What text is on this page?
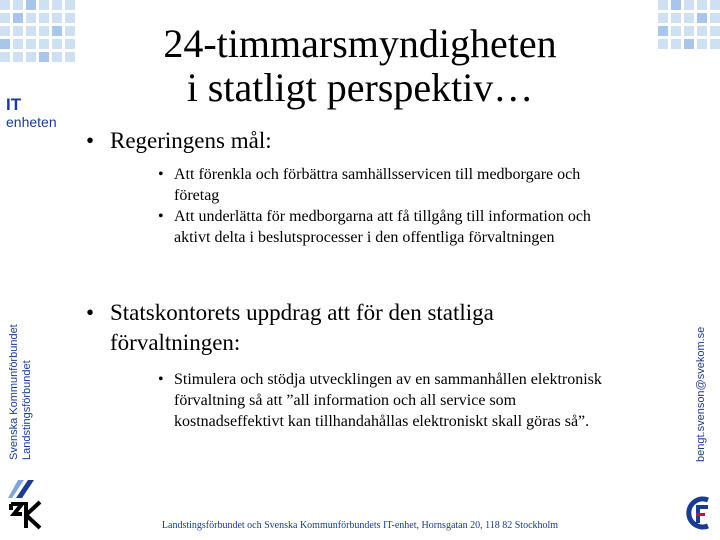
IT
enheten
Svenska Kommunförbundet Landstingsförbundet	bengt.svenson@svekom.se
24-timmarsmyndigheten
i statligt perspektiv…
• Regeringens mål:
• Att förenkla och förbättra samhällsservicen till medborgare och företag
• Att underlätta för medborgarna att få tillgång till information och aktivt delta i beslutsprocesser i den offentliga förvaltningen
• Statskontorets uppdrag att för den statliga förvaltningen:
• Stimulera och stödja utvecklingen av en sammanhållen elektronisk förvaltning så att ”all information och all service som kostnadseffektivt kan tillhandahållas elektroniskt skall göras så”.
Landstingsförbundet och Svenska Kommunförbundets IT-enhet, Hornsgatan 20, 118 82 Stockholm
